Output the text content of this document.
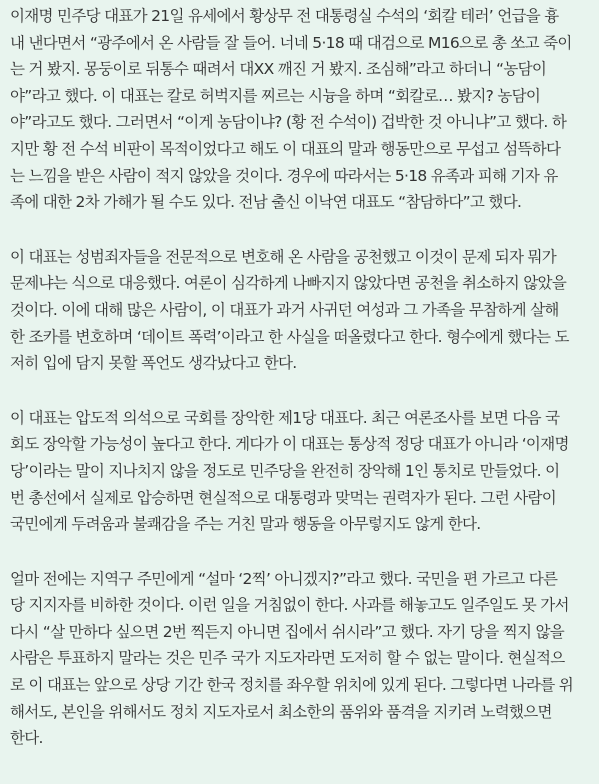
이재명 민주당 대표가 21일 유세에서 황상무 전 대통령실 수석의 ‘회칼 테러’ 언급을 흉
내 낸다면서 “광주에서 온 사람들 잘 들어. 너네 5·18 때 대검으로 M16으로 총 쏘고 죽이
는 거 봤지. 몽둥이로 뒤통수 때려서 대XX 깨진 거 봤지. 조심해”라고 하더니 “농담이
야”라고 했다. 이 대표는 칼로 허벅지를 찌르는 시늉을 하며 “회칼로… 봤지? 농담이
야”라고도 했다. 그러면서 “이게 농담이냐? (황 전 수석이) 겁박한 것 아니냐”고 했다. 하
지만 황 전 수석 비판이 목적이었다고 해도 이 대표의 말과 행동만으로 무섭고 섬뜩하다
는 느낌을 받은 사람이 적지 않았을 것이다. 경우에 따라서는 5·18 유족과 피해 기자 유
족에 대한 2차 가해가 될 수도 있다. 전남 출신 이낙연 대표도 “참담하다”고 했다.

이 대표는 성범죄자들을 전문적으로 변호해 온 사람을 공천했고 이것이 문제 되자 뭐가
문제냐는 식으로 대응했다. 여론이 심각하게 나빠지지 않았다면 공천을 취소하지 않았을
것이다. 이에 대해 많은 사람이, 이 대표가 과거 사귀던 여성과 그 가족을 무참하게 살해
한 조카를 변호하며 ‘데이트 폭력’이라고 한 사실을 떠올렸다고 한다. 형수에게 했다는 도
저히 입에 담지 못할 폭언도 생각났다고 한다.

이 대표는 압도적 의석으로 국회를 장악한 제1당 대표다. 최근 여론조사를 보면 다음 국
회도 장악할 가능성이 높다고 한다. 게다가 이 대표는 통상적 정당 대표가 아니라 ‘이재명
당’이라는 말이 지나치지 않을 정도로 민주당을 완전히 장악해 1인 통치로 만들었다. 이
번 총선에서 실제로 압승하면 현실적으로 대통령과 맞먹는 권력자가 된다. 그런 사람이
국민에게 두려움과 불쾌감을 주는 거친 말과 행동을 아무렇지도 않게 한다.

얼마 전에는 지역구 주민에게 “설마 ‘2찍’ 아니겠지?”라고 했다. 국민을 편 가르고 다른
당 지지자를 비하한 것이다. 이런 일을 거침없이 한다. 사과를 해놓고도 일주일도 못 가서
다시 “살 만하다 싶으면 2번 찍든지 아니면 집에서 쉬시라”고 했다. 자기 당을 찍지 않을
사람은 투표하지 말라는 것은 민주 국가 지도자라면 도저히 할 수 없는 말이다. 현실적으
로 이 대표는 앞으로 상당 기간 한국 정치를 좌우할 위치에 있게 된다. 그렇다면 나라를 위
해서도, 본인을 위해서도 정치 지도자로서 최소한의 품위와 품격을 지키려 노력했으면
한다.
